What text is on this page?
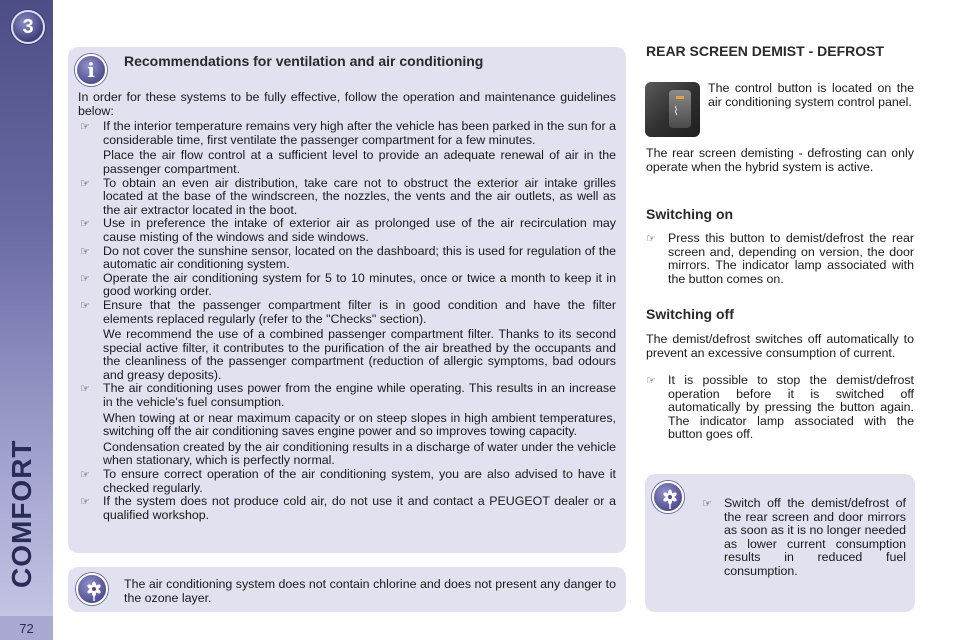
3
COMFORT
72
i Recommendations for ventilation and air conditioning

In order for these systems to be fully effective, follow the operation and maintenance guidelines below:

☞ If the interior temperature remains very high after the vehicle has been parked in the sun for a considerable time, first ventilate the passenger compartment for a few minutes.
Place the air flow control at a sufficient level to provide an adequate renewal of air in the passenger compartment.
☞ To obtain an even air distribution, take care not to obstruct the exterior air intake grilles located at the base of the windscreen, the nozzles, the vents and the air outlets, as well as the air extractor located in the boot.
☞ Use in preference the intake of exterior air as prolonged use of the air recirculation may cause misting of the windows and side windows.
☞ Do not cover the sunshine sensor, located on the dashboard; this is used for regulation of the automatic air conditioning system.
☞ Operate the air conditioning system for 5 to 10 minutes, once or twice a month to keep it in good working order.
☞ Ensure that the passenger compartment filter is in good condition and have the filter elements replaced regularly (refer to the "Checks" section).
We recommend the use of a combined passenger compartment filter. Thanks to its second special active filter, it contributes to the purification of the air breathed by the occupants and the cleanliness of the passenger compartment (reduction of allergic symptoms, bad odours and greasy deposits).
☞ The air conditioning uses power from the engine while operating. This results in an increase in the vehicle's fuel consumption.
When towing at or near maximum capacity or on steep slopes in high ambient temperatures, switching off the air conditioning saves engine power and so improves towing capacity.
Condensation created by the air conditioning results in a discharge of water under the vehicle when stationary, which is perfectly normal.
☞ To ensure correct operation of the air conditioning system, you are also advised to have it checked regularly.
☞ If the system does not produce cold air, do not use it and contact a PEUGEOT dealer or a qualified workshop.
The air conditioning system does not contain chlorine and does not present any danger to the ozone layer.
REAR SCREEN DEMIST - DEFROST
⌇
The control button is located on the air conditioning system control panel.
The rear screen demisting - defrosting can only operate when the hybrid system is active.
Switching on
☞ Press this button to demist/defrost the rear screen and, depending on version, the door mirrors. The indicator lamp associated with the button comes on.
Switching off
The demist/defrost switches off automatically to prevent an excessive consumption of current.
☞ It is possible to stop the demist/defrost operation before it is switched off automatically by pressing the button again. The indicator lamp associated with the button goes off.
☞ Switch off the demist/defrost of the rear screen and door mirrors as soon as it is no longer needed as lower current consumption results in reduced fuel consumption.
